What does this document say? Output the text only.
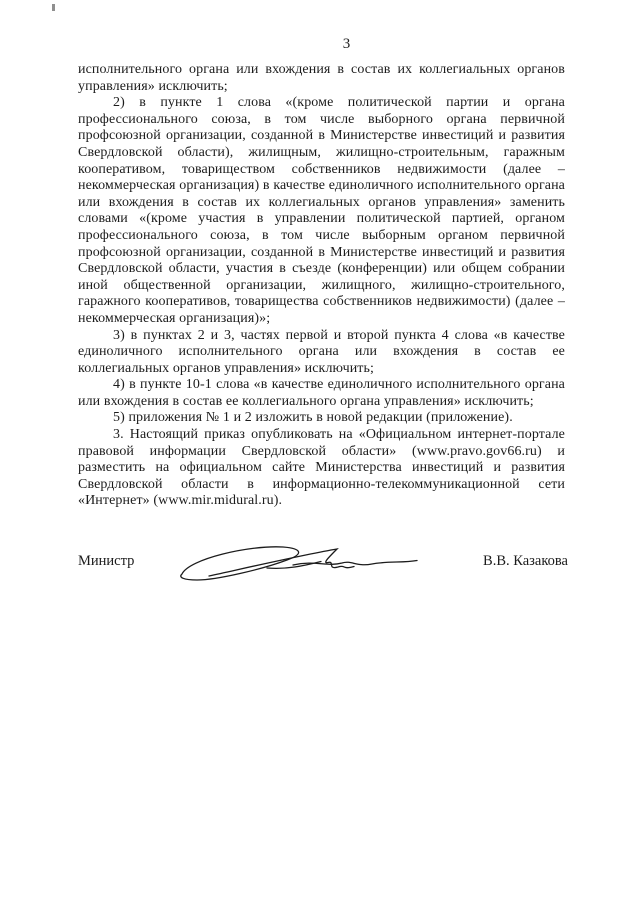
3

исполнительного органа или вхождения в состав их коллегиальных органов управления» исключить;

2) в пункте 1 слова «(кроме политической партии и органа профессионального союза, в том числе выборного органа первичной профсоюзной организации, созданной в Министерстве инвестиций и развития Свердловской области), жилищным, жилищно-строительным, гаражным кооперативом, товариществом собственников недвижимости (далее – некоммерческая организация) в качестве единоличного исполнительного органа или вхождения в состав их коллегиальных органов управления» заменить словами «(кроме участия в управлении политической партией, органом профессионального союза, в том числе выборным органом первичной профсоюзной организации, созданной в Министерстве инвестиций и развития Свердловской области, участия в съезде (конференции) или общем собрании иной общественной организации, жилищного, жилищно-строительного, гаражного кооперативов, товарищества собственников недвижимости) (далее – некоммерческая организация)»;

3) в пунктах 2 и 3, частях первой и второй пункта 4 слова «в качестве единоличного исполнительного органа или вхождения в состав ее коллегиальных органов управления» исключить;

4) в пункте 10-1 слова «в качестве единоличного исполнительного органа или вхождения в состав ее коллегиального органа управления» исключить;

5) приложения № 1 и 2 изложить в новой редакции (приложение).

3. Настоящий приказ опубликовать на «Официальном интернет-портале правовой информации Свердловской области» (www.pravo.gov66.ru) и разместить на официальном сайте Министерства инвестиций и развития Свердловской области в информационно-телекоммуникационной сети «Интернет» (www.mir.midural.ru).

Министр	В.В. Казакова
